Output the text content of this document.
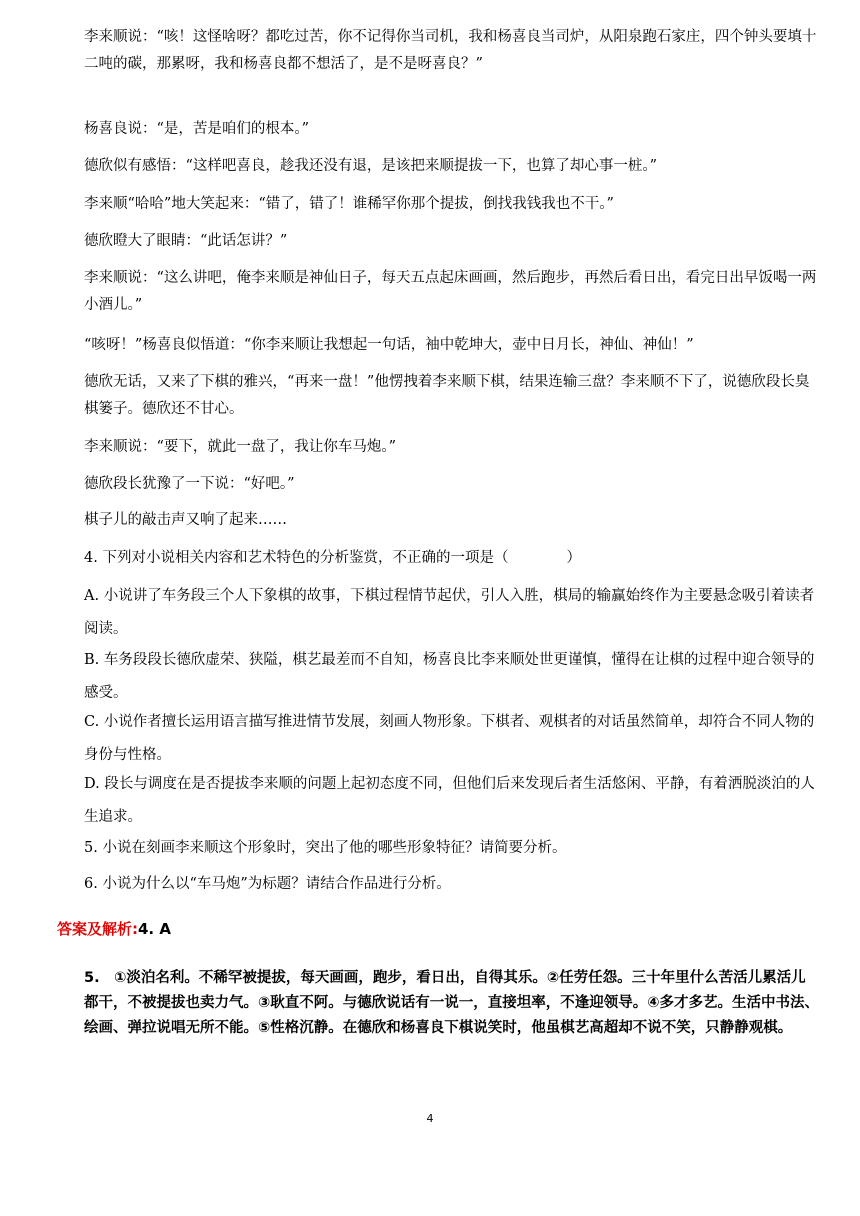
李来顺说：“咳！这怪啥呀？都吃过苦，你不记得你当司机，我和杨喜良当司炉，从阳泉跑石家庄，四个钟头要填十二吨的碳，那累呀，我和杨喜良都不想活了，是不是呀喜良？”

杨喜良说：“是，苦是咱们的根本。”

德欣似有感悟：“这样吧喜良，趁我还没有退，是该把来顺提拔一下，也算了却心事一桩。”

李来顺“哈哈”地大笑起来：“错了，错了！谁稀罕你那个提拔，倒找我钱我也不干。”

德欣瞪大了眼睛：“此话怎讲？”

李来顺说：“这么讲吧，俺李来顺是神仙日子，每天五点起床画画，然后跑步，再然后看日出，看完日出早饭喝一两小酒儿。”

“咳呀！”杨喜良似悟道：“你李来顺让我想起一句话，袖中乾坤大，壶中日月长，神仙、神仙！”

德欣无话，又来了下棋的雅兴，“再来一盘！”他愣拽着李来顺下棋，结果连输三盘？李来顺不下了，说德欣段长臭棋篓子。德欣还不甘心。

李来顺说：“要下，就此一盘了，我让你车马炮。”

德欣段长犹豫了一下说：“好吧。”

棋子儿的敲击声又响了起来……

4. 下列对小说相关内容和艺术特色的分析鉴赏，不正确的一项是（　　　　）

A. 小说讲了车务段三个人下象棋的故事，下棋过程情节起伏，引人入胜，棋局的输赢始终作为主要悬念吸引着读者阅读。

B. 车务段段长德欣虚荣、狭隘，棋艺最差而不自知，杨喜良比李来顺处世更谨慎，懂得在让棋的过程中迎合领导的感受。

C. 小说作者擅长运用语言描写推进情节发展，刻画人物形象。下棋者、观棋者的对话虽然简单，却符合不同人物的身份与性格。

D. 段长与调度在是否提拔李来顺的问题上起初态度不同，但他们后来发现后者生活悠闲、平静，有着洒脱淡泊的人生追求。

5. 小说在刻画李来顺这个形象时，突出了他的哪些形象特征？请简要分析。

6. 小说为什么以“车马炮”为标题？请结合作品进行分析。

答案及解析:4. A

5.　①淡泊名利。不稀罕被提拔，每天画画，跑步，看日出，自得其乐。②任劳任怨。三十年里什么苦活儿累活儿都干，不被提拔也卖力气。③耿直不阿。与德欣说话有一说一，直接坦率，不逢迎领导。④多才多艺。生活中书法、绘画、弹拉说唱无所不能。⑤性格沉静。在德欣和杨喜良下棋说笑时，他虽棋艺高超却不说不笑，只静静观棋。

4
